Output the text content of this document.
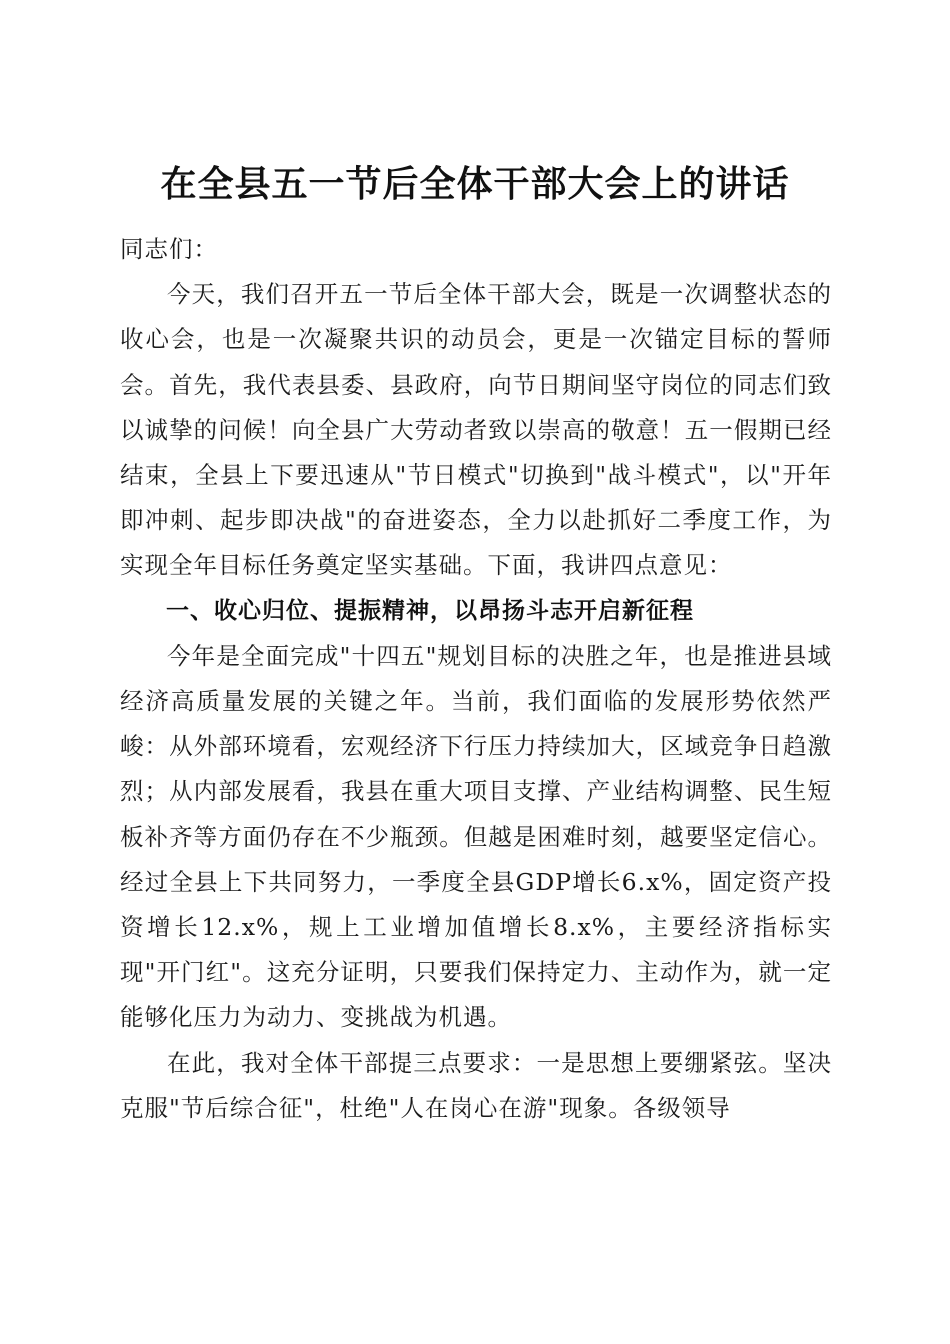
在全县五一节后全体干部大会上的讲话

同志们：

今天，我们召开五一节后全体干部大会，既是一次调整状态的收心会，也是一次凝聚共识的动员会，更是一次锚定目标的誓师会。首先，我代表县委、县政府，向节日期间坚守岗位的同志们致以诚挚的问候！向全县广大劳动者致以崇高的敬意！五一假期已经结束，全县上下要迅速从"节日模式"切换到"战斗模式"，以"开年即冲刺、起步即决战"的奋进姿态，全力以赴抓好二季度工作，为实现全年目标任务奠定坚实基础。下面，我讲四点意见：

一、收心归位、提振精神，以昂扬斗志开启新征程

今年是全面完成"十四五"规划目标的决胜之年，也是推进县域经济高质量发展的关键之年。当前，我们面临的发展形势依然严峻：从外部环境看，宏观经济下行压力持续加大，区域竞争日趋激烈；从内部发展看，我县在重大项目支撑、产业结构调整、民生短板补齐等方面仍存在不少瓶颈。但越是困难时刻，越要坚定信心。经过全县上下共同努力，一季度全县GDP增长6.x%，固定资产投资增长12.x%，规上工业增加值增长8.x%，主要经济指标实现"开门红"。这充分证明，只要我们保持定力、主动作为，就一定能够化压力为动力、变挑战为机遇。

在此，我对全体干部提三点要求：一是思想上要绷紧弦。坚决克服"节后综合征"，杜绝"人在岗心在游"现象。各级领导
